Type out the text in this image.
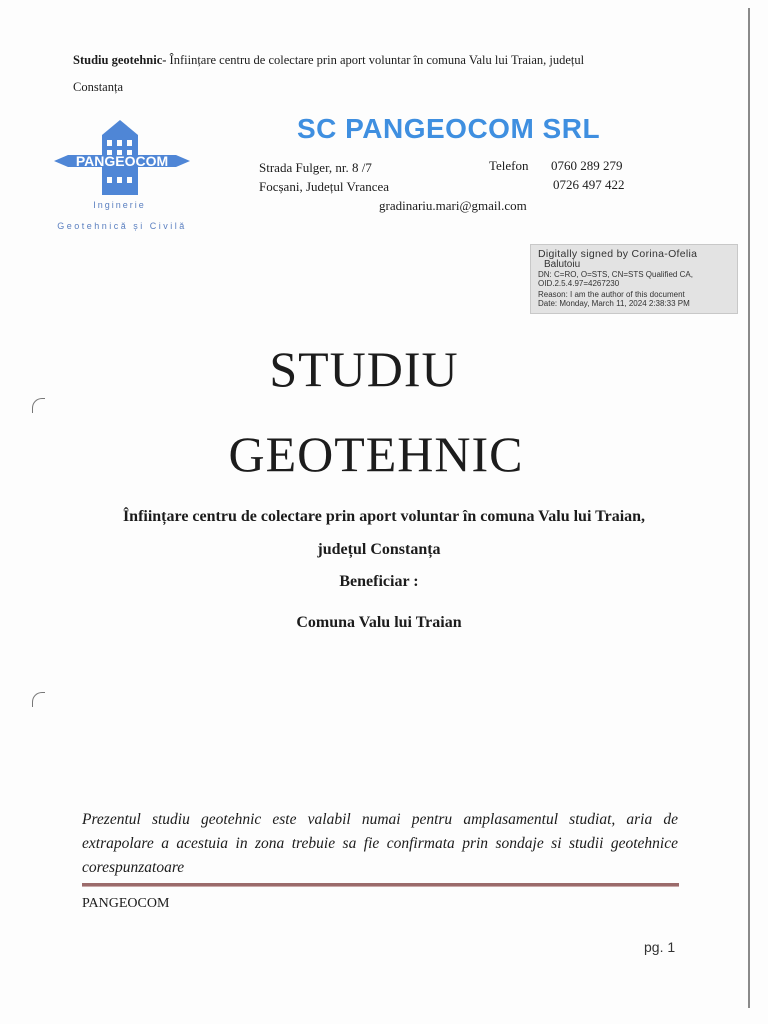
Studiu geotehnic- Înființare centru de colectare prin aport voluntar în comuna Valu lui Traian, județul
Constanța
PANGEOCOM
Inginerie
Geotehnică și Civilă
SC PANGEOCOM SRL
Strada Fulger, nr. 8 /7
Focșani, Județul Vrancea
Telefon 0760 289 279
0726 497 422
gradinariu.mari@gmail.com
Digitally signed by Corina-Ofelia
Balutoiu
DN: C=RO, O=STS, CN=STS Qualified CA,
OID.2.5.4.97=4267230
Reason: I am the author of this document
Date: Monday, March 11, 2024 2:38:33 PM
STUDIU
GEOTEHNIC
Înființare centru de colectare prin aport voluntar în comuna Valu lui Traian,
județul Constanța
Beneficiar :
Comuna Valu lui Traian
Prezentul studiu geotehnic este valabil numai pentru amplasamentul studiat, aria de extrapolare a acestuia in zona trebuie sa fie confirmata prin sondaje si studii geotehnice corespunzatoare
PANGEOCOM
pg. 1
